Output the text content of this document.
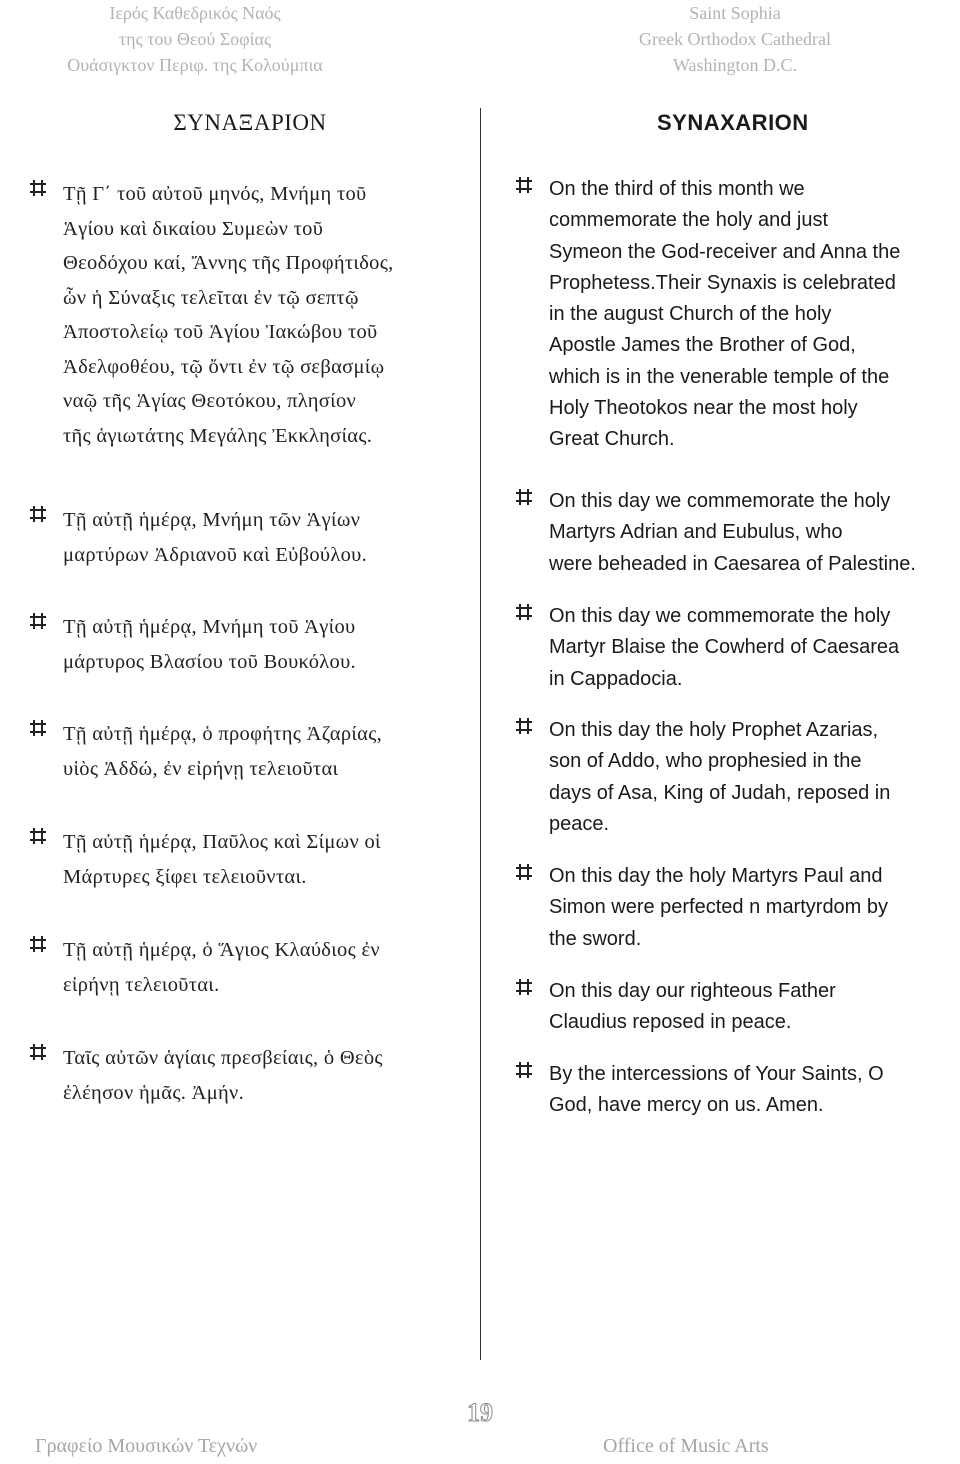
Ιερός Καθεδρικός Ναός
της του Θεού Σοφίας
Ουάσιγκτον Περιφ. της Κολούμπια
Saint Sophia
Greek Orthodox Cathedral
Washington D.C.
ΣΥΝΑΞΑΡΙΟΝ	SYNAXARION
Τῇ Γ΄ τοῦ αὐτοῦ μηνός, Μνήμη τοῦ
Ἁγίου καὶ δικαίου Συμεὼν τοῦ
Θεοδόχου καί, Ἄννης τῆς Προφήτιδος,
ὧν ἡ Σύναξις τελεῖται ἐν τῷ σεπτῷ
Ἀποστολείῳ τοῦ Ἁγίου Ἰακώβου τοῦ
Ἀδελφοθέου, τῷ ὄντι ἐν τῷ σεβασμίῳ
ναῷ τῆς Ἁγίας Θεοτόκου, πλησίον
τῆς ἁγιωτάτης Μεγάλης Ἐκκλησίας.
Τῇ αὐτῇ ἡμέρᾳ, Μνήμη τῶν Ἁγίων
μαρτύρων Ἀδριανοῦ καὶ Εὐβούλου.
Τῇ αὐτῇ ἡμέρᾳ, Μνήμη τοῦ Ἁγίου
μάρτυρος Βλασίου τοῦ Βουκόλου.
Τῇ αὐτῇ ἡμέρᾳ, ὁ προφήτης Ἀζαρίας,
υἱὸς Ἀδδώ, ἐν εἰρήνῃ τελειοῦται
Τῇ αὐτῇ ἡμέρᾳ, Παῦλος καὶ Σίμων οἱ
Μάρτυρες ξίφει τελειοῦνται.
Τῇ αὐτῇ ἡμέρᾳ, ὁ Ἅγιος Κλαύδιος ἐν
εἰρήνῃ τελειοῦται.
Ταῖς αὐτῶν ἁγίαις πρεσβείαις, ὁ Θεὸς
ἐλέησον ἡμᾶς. Ἀμήν.
On the third of this month we
commemorate the holy and just
Symeon the God-receiver and Anna the
Prophetess.Their Synaxis is celebrated
in the august Church of the holy
Apostle James the Brother of God,
which is in the venerable temple of the
Holy Theotokos near the most holy
Great Church.
On this day we commemorate the holy
Martyrs Adrian and Eubulus, who
were beheaded in Caesarea of Palestine.
On this day we commemorate the holy
Martyr Blaise the Cowherd of Caesarea
in Cappadocia.
On this day the holy Prophet Azarias,
son of Addo, who prophesied in the
days of Asa, King of Judah, reposed in
peace.
On this day the holy Martyrs Paul and
Simon were perfected n martyrdom by
the sword.
On this day our righteous Father
Claudius reposed in peace.
By the intercessions of Your Saints, O
God, have mercy on us. Amen.
19
Γραφείο Μουσικών Τεχνών	Office of Music Arts
